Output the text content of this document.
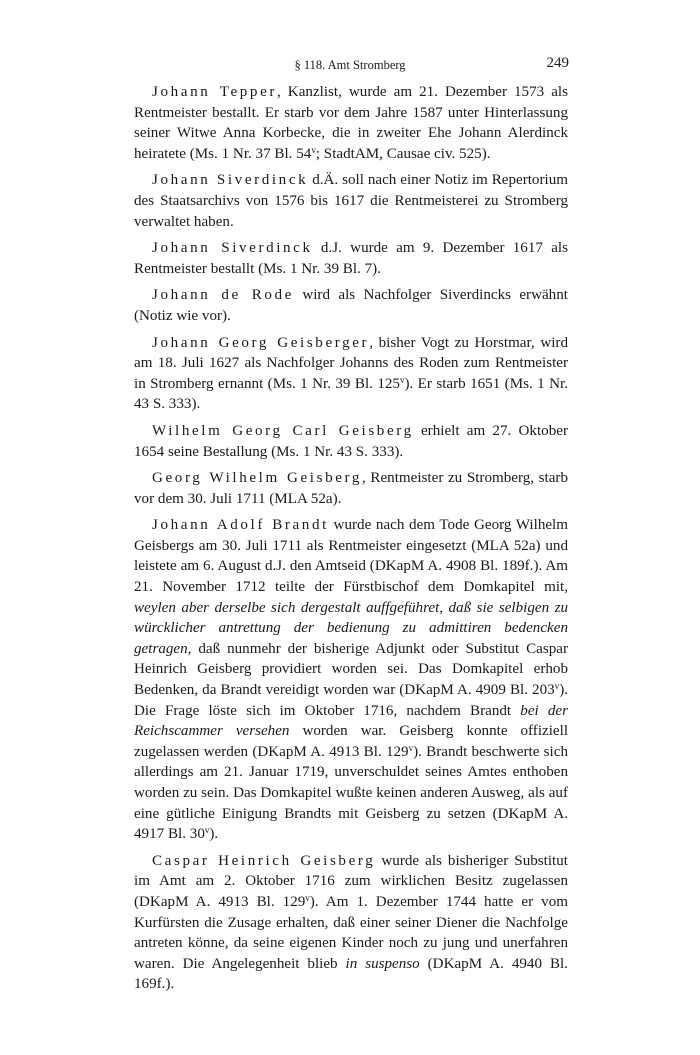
§ 118. Amt Stromberg	249

Johann Tepper, Kanzlist, wurde am 21. Dezember 1573 als Rentmeister bestallt. Er starb vor dem Jahre 1587 unter Hinterlassung seiner Witwe Anna Korbecke, die in zweiter Ehe Johann Alerdinck heiratete (Ms. 1 Nr. 37 Bl. 54$^v$; StadtAM, Causae civ. 525).

Johann Siverdinck d.Ä. soll nach einer Notiz im Repertorium des Staatsarchivs von 1576 bis 1617 die Rentmeisterei zu Stromberg verwaltet haben.

Johann Siverdinck d.J. wurde am 9. Dezember 1617 als Rentmeister bestallt (Ms. 1 Nr. 39 Bl. 7).

Johann de Rode wird als Nachfolger Siverdincks erwähnt (Notiz wie vor).

Johann Georg Geisberger, bisher Vogt zu Horstmar, wird am 18. Juli 1627 als Nachfolger Johanns des Roden zum Rentmeister in Stromberg ernannt (Ms. 1 Nr. 39 Bl. 125$^v$). Er starb 1651 (Ms. 1 Nr. 43 S. 333).

Wilhelm Georg Carl Geisberg erhielt am 27. Oktober 1654 seine Bestallung (Ms. 1 Nr. 43 S. 333).

Georg Wilhelm Geisberg, Rentmeister zu Stromberg, starb vor dem 30. Juli 1711 (MLA 52a).

Johann Adolf Brandt wurde nach dem Tode Georg Wilhelm Geisbergs am 30. Juli 1711 als Rentmeister eingesetzt (MLA 52a) und leistete am 6. August d.J. den Amtseid (DKapM A. 4908 Bl. 189f.). Am 21. November 1712 teilte der Fürstbischof dem Domkapitel mit, weylen aber derselbe sich dergestalt auffgeführet, daß sie selbigen zu würcklicher antrettung der bedienung zu admittiren bedencken getragen, daß nunmehr der bisherige Adjunkt oder Substitut Caspar Heinrich Geisberg providiert worden sei. Das Domkapitel erhob Bedenken, da Brandt vereidigt worden war (DKapM A. 4909 Bl. 203$^v$). Die Frage löste sich im Oktober 1716, nachdem Brandt bei der Reichscammer versehen worden war. Geisberg konnte offiziell zugelassen werden (DKapM A. 4913 Bl. 129$^v$). Brandt beschwerte sich allerdings am 21. Januar 1719, unverschuldet seines Amtes enthoben worden zu sein. Das Domkapitel wußte keinen anderen Ausweg, als auf eine gütliche Einigung Brandts mit Geisberg zu setzen (DKapM A. 4917 Bl. 30$^v$).

Caspar Heinrich Geisberg wurde als bisheriger Substitut im Amt am 2. Oktober 1716 zum wirklichen Besitz zugelassen (DKapM A. 4913 Bl. 129$^v$). Am 1. Dezember 1744 hatte er vom Kurfürsten die Zusage erhalten, daß einer seiner Diener die Nachfolge antreten könne, da seine eigenen Kinder noch zu jung und unerfahren waren. Die Angelegenheit blieb in suspenso (DKapM A. 4940 Bl. 169f.).
